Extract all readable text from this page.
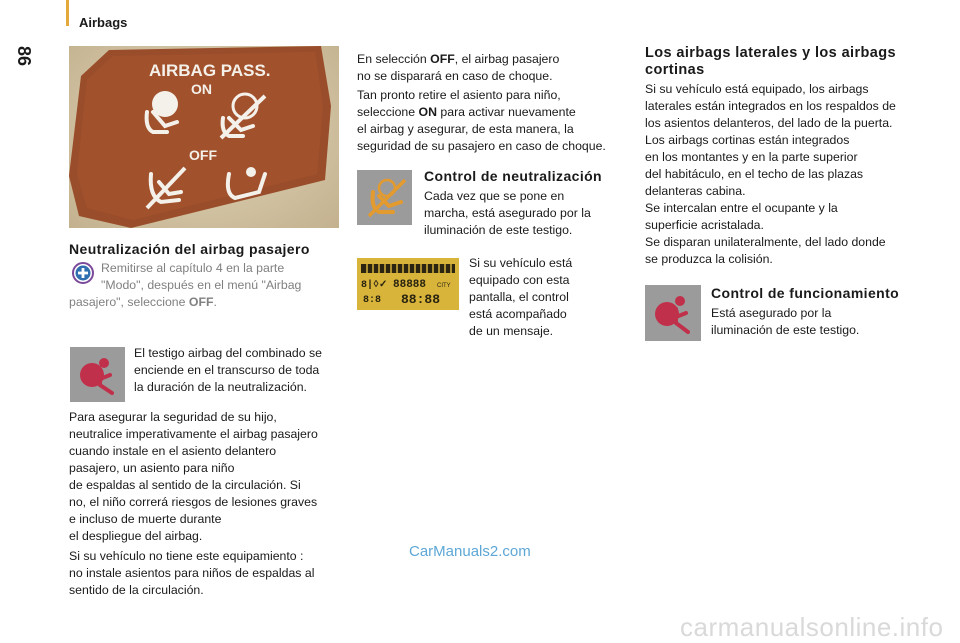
Airbags
86
AIRBAG PASS.
ON
OFF
Neutralización del airbag pasajero
Remitirse al capítulo 4 en la parte
"Modo", después en el menú "Airbag
pasajero", seleccione OFF.
El testigo airbag del combinado se
enciende en el transcurso de toda
la duración de la neutralización.
Para asegurar la seguridad de su hijo,
neutralice imperativamente el airbag pasajero
cuando instale en el asiento delantero
pasajero, un asiento para niño
de espaldas al sentido de la circulación. Si
no, el niño correrá riesgos de lesiones graves
e incluso de muerte durante
el despliegue del airbag.
Si su vehículo no tiene este equipamiento :
no instale asientos para niños de espaldas al
sentido de la circulación.
En selección OFF, el airbag pasajero
no se disparará en caso de choque.
Tan pronto retire el asiento para niño,
seleccione ON para activar nuevamente
el airbag y asegurar, de esta manera, la
seguridad de su pasajero en caso de choque.
Control de neutralización
Cada vez que se pone en
marcha, está asegurado por la
iluminación de este testigo.
8|◊✓ 88888 CITY
8:8 88:88
Si su vehículo está
equipado con esta
pantalla, el control
está acompañado
de un mensaje.
Los airbags laterales y los airbags
cortinas
Si su vehículo está equipado, los airbags
laterales están integrados en los respaldos de
los asientos delanteros, del lado de la puerta.
Los airbags cortinas están integrados
en los montantes y en la parte superior
del habitáculo, en el techo de las plazas
delanteras cabina.
Se intercalan entre el ocupante y la
superficie acristalada.
Se disparan unilateralmente, del lado donde
se produzca la colisión.
Control de funcionamiento
Está asegurado por la
iluminación de este testigo.
CarManuals2.com
carmanualsonline.info
